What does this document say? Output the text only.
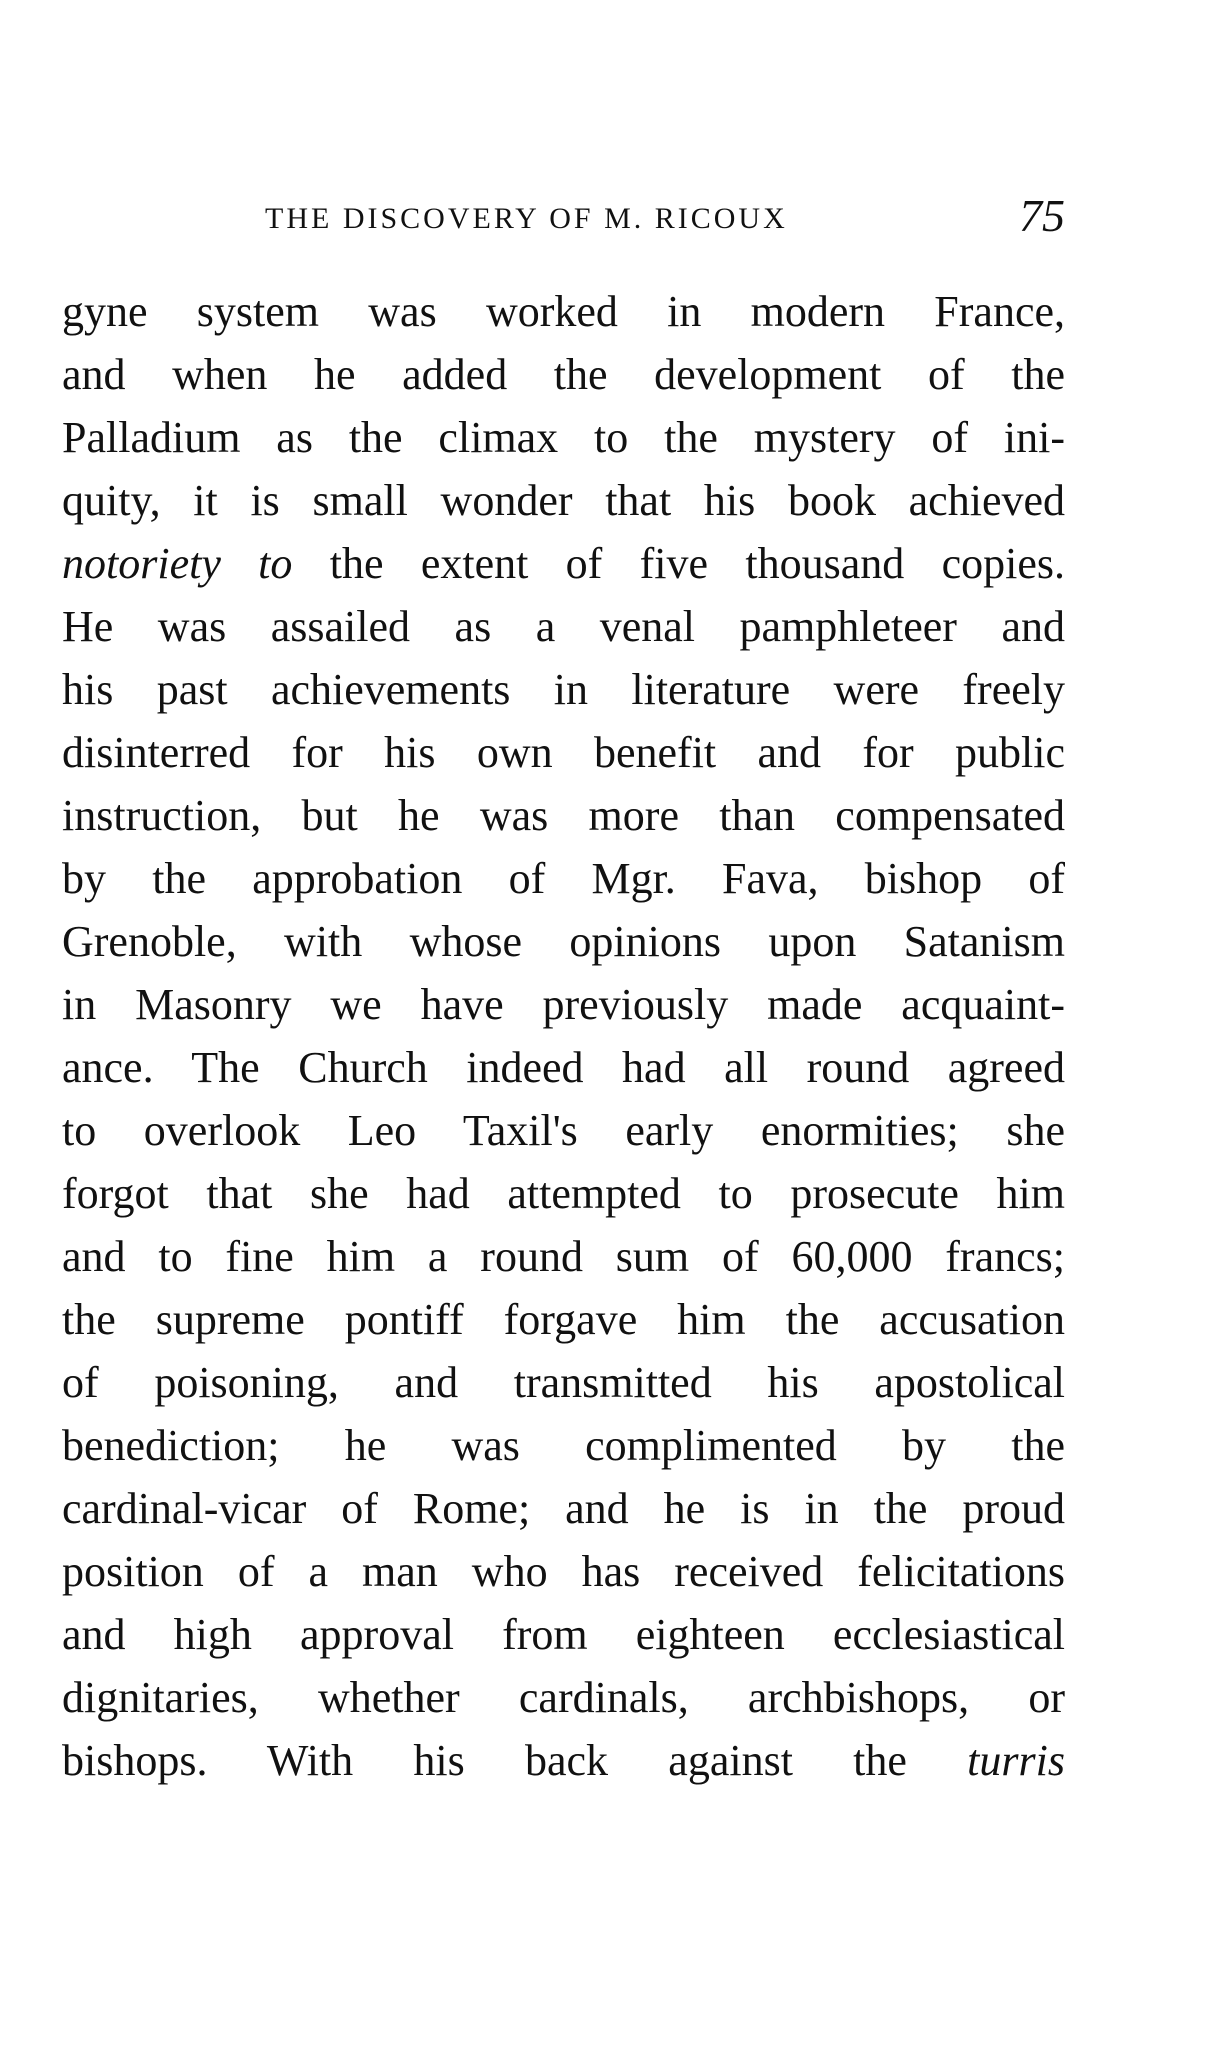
THE DISCOVERY OF M. RICOUX	75
gyne system was worked in modern France,
and when he added the development of the
Palladium as the climax to the mystery of ini-
quity, it is small wonder that his book achieved
notoriety to the extent of five thousand copies.
He was assailed as a venal pamphleteer and
his past achievements in literature were freely
disinterred for his own benefit and for public
instruction, but he was more than compensated
by the approbation of Mgr. Fava, bishop of
Grenoble, with whose opinions upon Satanism
in Masonry we have previously made acquaint-
ance. The Church indeed had all round agreed
to overlook Leo Taxil's early enormities; she
forgot that she had attempted to prosecute him
and to fine him a round sum of 60,000 francs;
the supreme pontiff forgave him the accusation
of poisoning, and transmitted his apostolical
benediction; he was complimented by the
cardinal-vicar of Rome; and he is in the proud
position of a man who has received felicitations
and high approval from eighteen ecclesiastical
dignitaries, whether cardinals, archbishops, or
bishops. With his back against the turris
